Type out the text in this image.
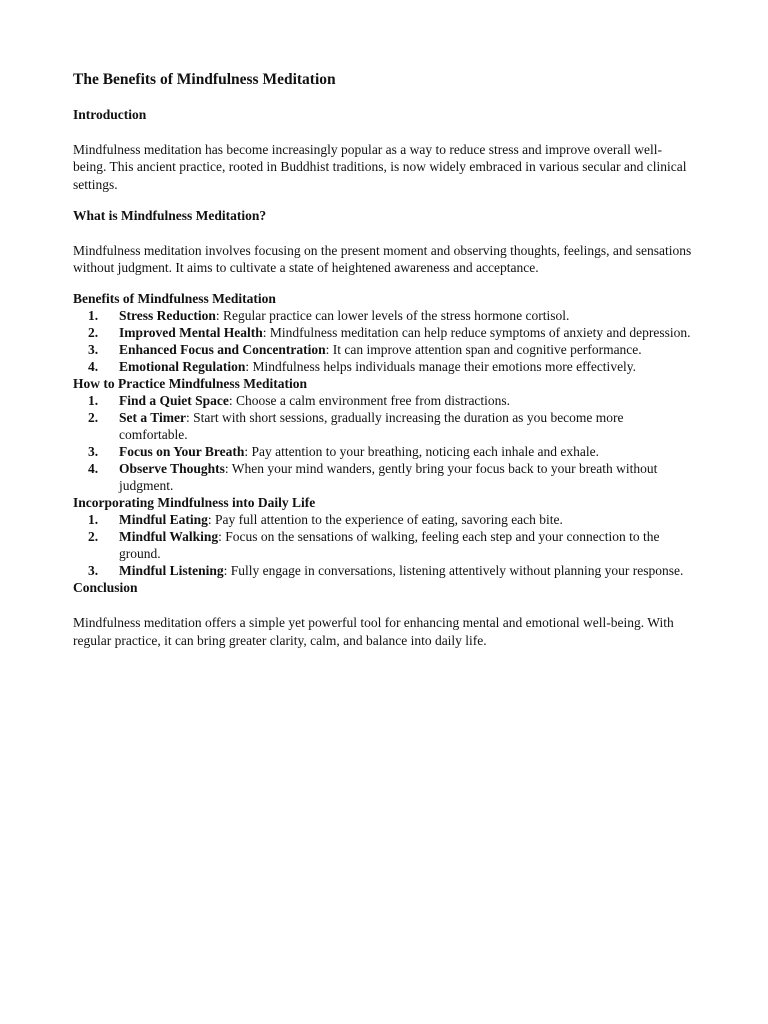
The Benefits of Mindfulness Meditation
Introduction

Mindfulness meditation has become increasingly popular as a way to reduce stress and improve overall well-being. This ancient practice, rooted in Buddhist traditions, is now widely embraced in various secular and clinical settings.

What is Mindfulness Meditation?

Mindfulness meditation involves focusing on the present moment and observing thoughts, feelings, and sensations without judgment. It aims to cultivate a state of heightened awareness and acceptance.

Benefits of Mindfulness Meditation
1. Stress Reduction: Regular practice can lower levels of the stress hormone cortisol.
2. Improved Mental Health: Mindfulness meditation can help reduce symptoms of anxiety and depression.
3. Enhanced Focus and Concentration: It can improve attention span and cognitive performance.
4. Emotional Regulation: Mindfulness helps individuals manage their emotions more effectively.
How to Practice Mindfulness Meditation
1. Find a Quiet Space: Choose a calm environment free from distractions.
2. Set a Timer: Start with short sessions, gradually increasing the duration as you become more comfortable.
3. Focus on Your Breath: Pay attention to your breathing, noticing each inhale and exhale.
4. Observe Thoughts: When your mind wanders, gently bring your focus back to your breath without judgment.
Incorporating Mindfulness into Daily Life
1. Mindful Eating: Pay full attention to the experience of eating, savoring each bite.
2. Mindful Walking: Focus on the sensations of walking, feeling each step and your connection to the ground.
3. Mindful Listening: Fully engage in conversations, listening attentively without planning your response.
Conclusion

Mindfulness meditation offers a simple yet powerful tool for enhancing mental and emotional well-being. With regular practice, it can bring greater clarity, calm, and balance into daily life.
